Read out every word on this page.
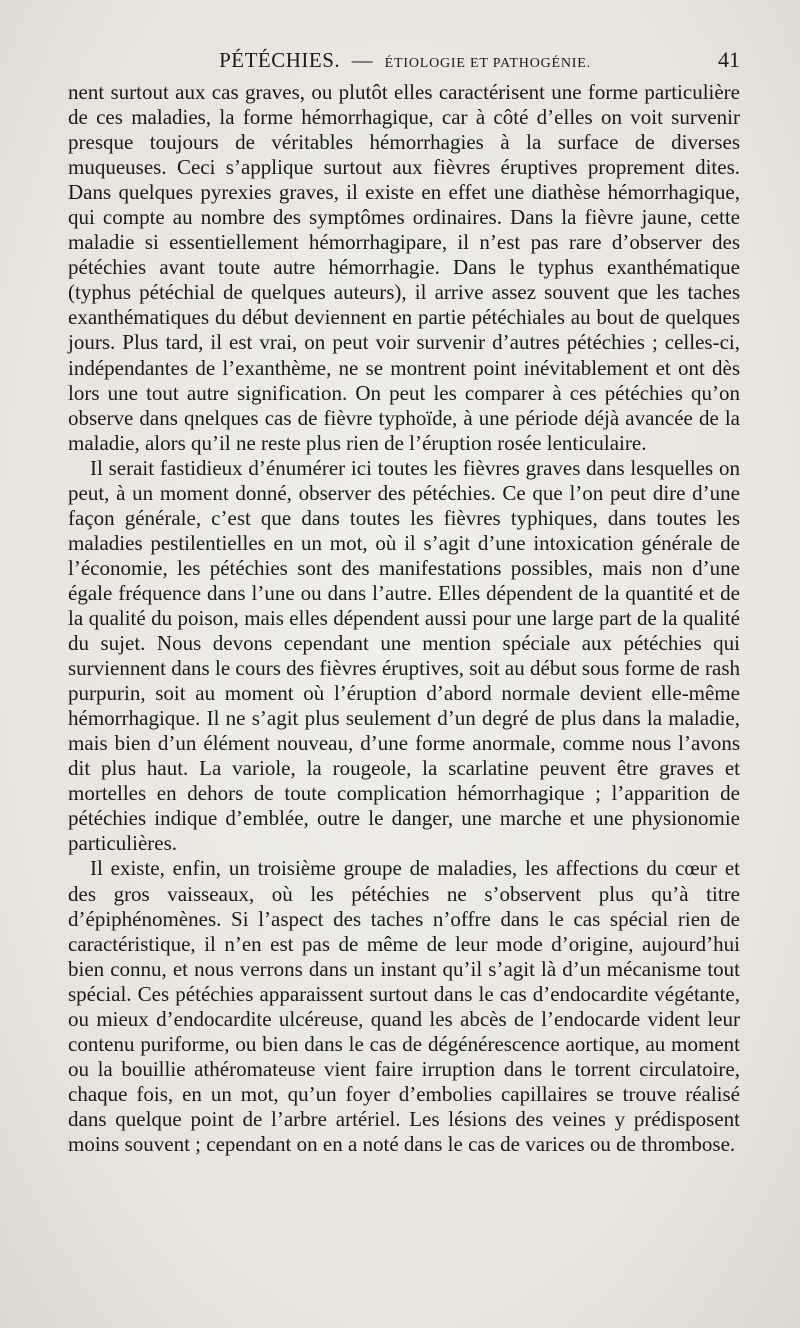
PÉTÉCHIES. — ÉTIOLOGIE ET PATHOGÉNIE.	41

nent surtout aux cas graves, ou plutôt elles caractérisent une forme particulière de ces maladies, la forme hémorrhagique, car à côté d’elles on voit survenir presque toujours de véritables hémorrhagies à la surface de diverses muqueuses. Ceci s’applique surtout aux fièvres éruptives proprement dites. Dans quelques pyrexies graves, il existe en effet une diathèse hémorrhagique, qui compte au nombre des symptômes ordinaires. Dans la fièvre jaune, cette maladie si essentiellement hémorrhagipare, il n’est pas rare d’observer des pétéchies avant toute autre hémorrhagie. Dans le typhus exanthématique (typhus pétéchial de quelques auteurs), il arrive assez souvent que les taches exanthématiques du début deviennent en partie pétéchiales au bout de quelques jours. Plus tard, il est vrai, on peut voir survenir d’autres pétéchies ; celles-ci, indépendantes de l’exanthème, ne se montrent point inévitablement et ont dès lors une tout autre signification. On peut les comparer à ces pétéchies qu’on observe dans qnelques cas de fièvre typhoïde, à une période déjà avancée de la maladie, alors qu’il ne reste plus rien de l’éruption rosée lenticulaire.

Il serait fastidieux d’énumérer ici toutes les fièvres graves dans lesquelles on peut, à un moment donné, observer des pétéchies. Ce que l’on peut dire d’une façon générale, c’est que dans toutes les fièvres typhiques, dans toutes les maladies pestilentielles en un mot, où il s’agit d’une intoxication générale de l’économie, les pétéchies sont des manifestations possibles, mais non d’une égale fréquence dans l’une ou dans l’autre. Elles dépendent de la quantité et de la qualité du poison, mais elles dépendent aussi pour une large part de la qualité du sujet. Nous devons cependant une mention spéciale aux pétéchies qui surviennent dans le cours des fièvres éruptives, soit au début sous forme de rash purpurin, soit au moment où l’éruption d’abord normale devient elle-même hémorrhagique. Il ne s’agit plus seulement d’un degré de plus dans la maladie, mais bien d’un élément nouveau, d’une forme anormale, comme nous l’avons dit plus haut. La variole, la rougeole, la scarlatine peuvent être graves et mortelles en dehors de toute complication hémorrhagique ; l’apparition de pétéchies indique d’emblée, outre le danger, une marche et une physionomie particulières.

Il existe, enfin, un troisième groupe de maladies, les affections du cœur et des gros vaisseaux, où les pétéchies ne s’observent plus qu’à titre d’épiphénomènes. Si l’aspect des taches n’offre dans le cas spécial rien de caractéristique, il n’en est pas de même de leur mode d’origine, aujourd’hui bien connu, et nous verrons dans un instant qu’il s’agit là d’un mécanisme tout spécial. Ces pétéchies apparaissent surtout dans le cas d’endocardite végétante, ou mieux d’endocardite ulcéreuse, quand les abcès de l’endocarde vident leur contenu puriforme, ou bien dans le cas de dégénérescence aortique, au moment ou la bouillie athéromateuse vient faire irruption dans le torrent circulatoire, chaque fois, en un mot, qu’un foyer d’embolies capillaires se trouve réalisé dans quelque point de l’arbre artériel. Les lésions des veines y prédisposent moins souvent ; cependant on en a noté dans le cas de varices ou de thrombose.
